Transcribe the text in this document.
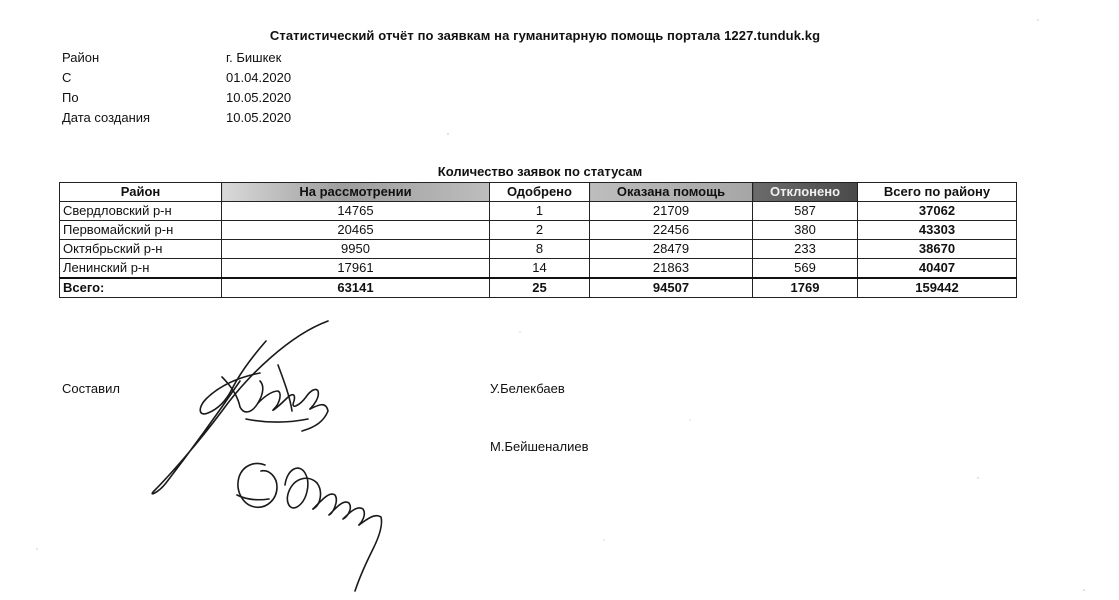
Статистический отчёт по заявкам на гуманитарную помощь портала 1227.tunduk.kg
Район	г. Бишкек
С	01.04.2020
По	10.05.2020
Дата создания	10.05.2020
Количество заявок по статусам
Район	На рассмотрении	Одобрено	Оказана помощь	Отклонено	Всего по району
Свердловский р-н	14765	1	21709	587	37062
Первомайский р-н	20465	2	22456	380	43303
Октябрьский р-н	9950	8	28479	233	38670
Ленинский р-н	17961	14	21863	569	40407
Всего:	63141	25	94507	1769	159442
Составил	У.Белекбаев
М.Бейшеналиев
